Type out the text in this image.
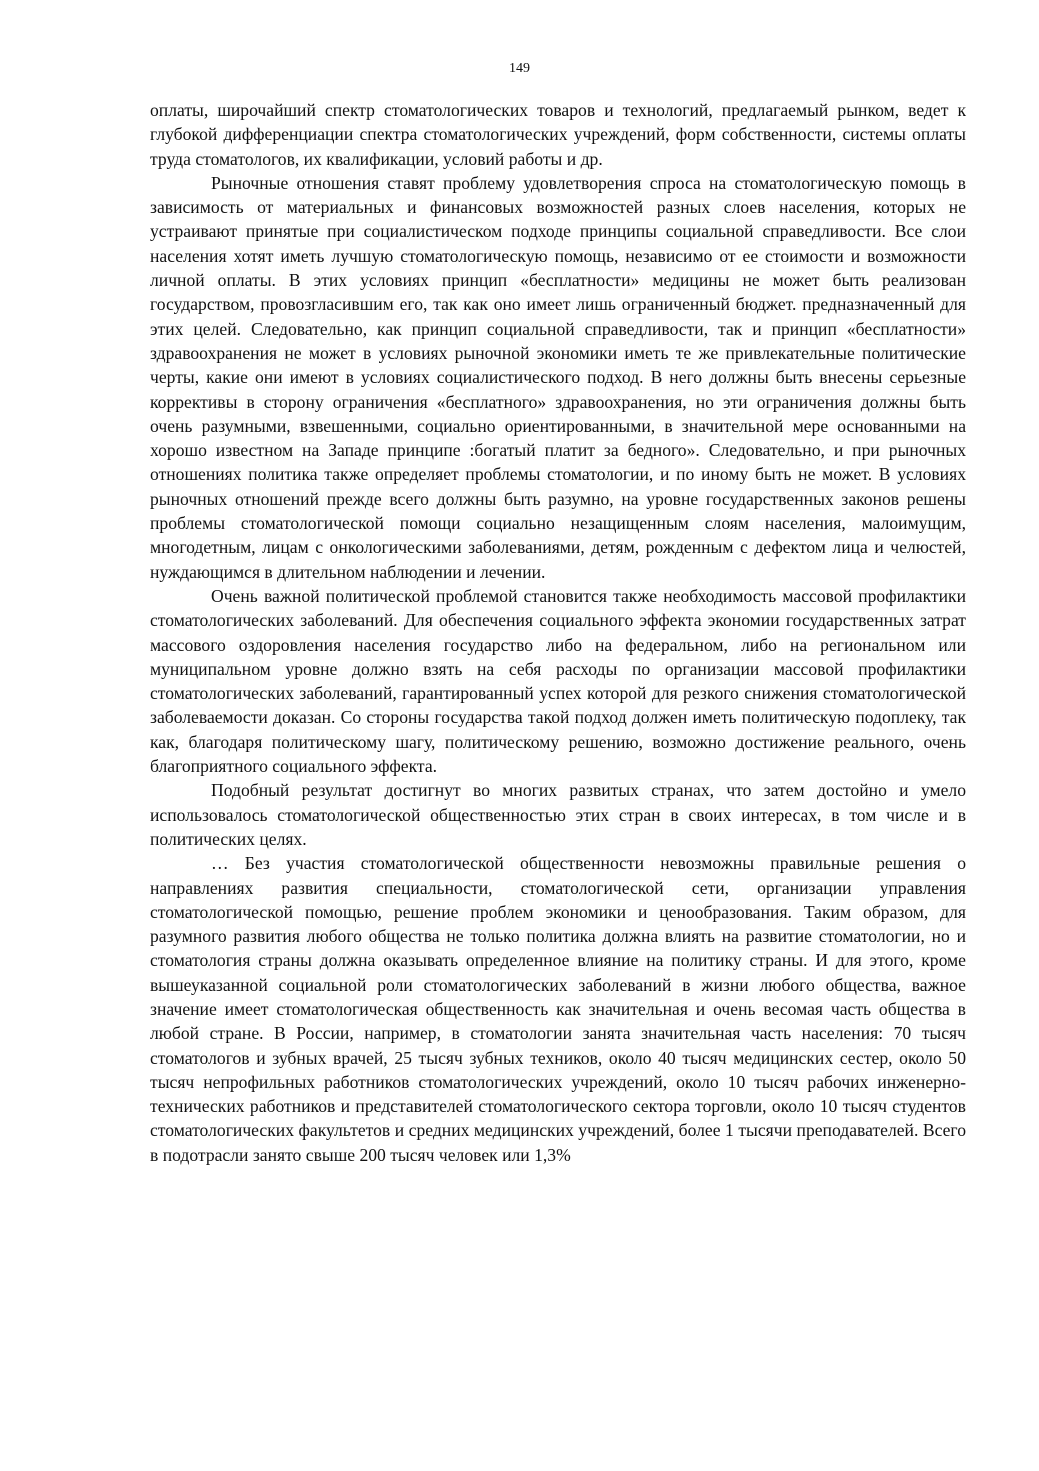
149

оплаты, широчайший спектр стоматологических товаров и технологий, предлагаемый рынком, ведет к глубокой дифференциации спектра стоматологических учреждений, форм собственности, системы оплаты труда стоматологов, их квалификации, условий работы и др.

Рыночные отношения ставят проблему удовлетворения спроса на стоматологическую помощь в зависимость от материальных и финансовых возможностей разных слоев населения, которых не устраивают принятые при социалистическом подходе принципы социальной справедливости. Все слои населения хотят иметь лучшую стоматологическую помощь, независимо от ее стоимости и возможности личной оплаты. В этих условиях принцип «бесплатности» медицины не может быть реализован государством, провозгласившим его, так как оно имеет лишь ограниченный бюджет. предназначенный для этих целей. Следовательно, как принцип социальной справедливости, так и принцип «бесплатности» здравоохранения не может в условиях рыночной экономики иметь те же привлекательные политические черты, какие они имеют в условиях социалистического подход. В него должны быть внесены серьезные коррективы в сторону ограничения «бесплатного» здравоохранения, но эти ограничения должны быть очень разумными, взвешенными, социально ориентированными, в значительной мере основанными на хорошо известном на Западе принципе :богатый платит за бедного». Следовательно, и при рыночных отношениях политика также определяет проблемы стоматологии, и по иному быть не может. В условиях рыночных отношений прежде всего должны быть разумно, на уровне государственных законов решены проблемы стоматологической помощи социально незащищенным слоям населения, малоимущим, многодетным, лицам с онкологическими заболеваниями, детям, рожденным с дефектом лица и челюстей, нуждающимся в длительном наблюдении и лечении.

Очень важной политической проблемой становится также необходимость массовой профилактики стоматологических заболеваний. Для обеспечения социального эффекта экономии государственных затрат массового оздоровления населения государство либо на федеральном, либо на региональном или муниципальном уровне должно взять на себя расходы по организации массовой профилактики стоматологических заболеваний, гарантированный успех которой для резкого снижения стоматологической заболеваемости доказан. Со стороны государства такой подход должен иметь политическую подоплеку, так как, благодаря политическому шагу, политическому решению, возможно достижение реального, очень благоприятного социального эффекта.

Подобный результат достигнут во многих развитых странах, что затем достойно и умело использовалось стоматологической общественностью этих стран в своих интересах, в том числе и в политических целях.

… Без участия стоматологической общественности невозможны правильные решения о направлениях развития специальности, стоматологической сети, организации управления стоматологической помощью, решение проблем экономики и ценообразования. Таким образом, для разумного развития любого общества не только политика должна влиять на развитие стоматологии, но и стоматология страны должна оказывать определенное влияние на политику страны. И для этого, кроме вышеуказанной социальной роли стоматологических заболеваний в жизни любого общества, важное значение имеет стоматологическая общественность как значительная и очень весомая часть общества в любой стране. В России, например, в стоматологии занята значительная часть населения: 70 тысяч стоматологов и зубных врачей, 25 тысяч зубных техников, около 40 тысяч медицинских сестер, около 50 тысяч непрофильных работников стоматологических учреждений, около 10 тысяч рабочих инженерно-технических работников и представителей стоматологического сектора торговли, около 10 тысяч студентов стоматологических факультетов и средних медицинских учреждений, более 1 тысячи преподавателей. Всего в подотрасли занято свыше 200 тысяч человек или 1,3%
